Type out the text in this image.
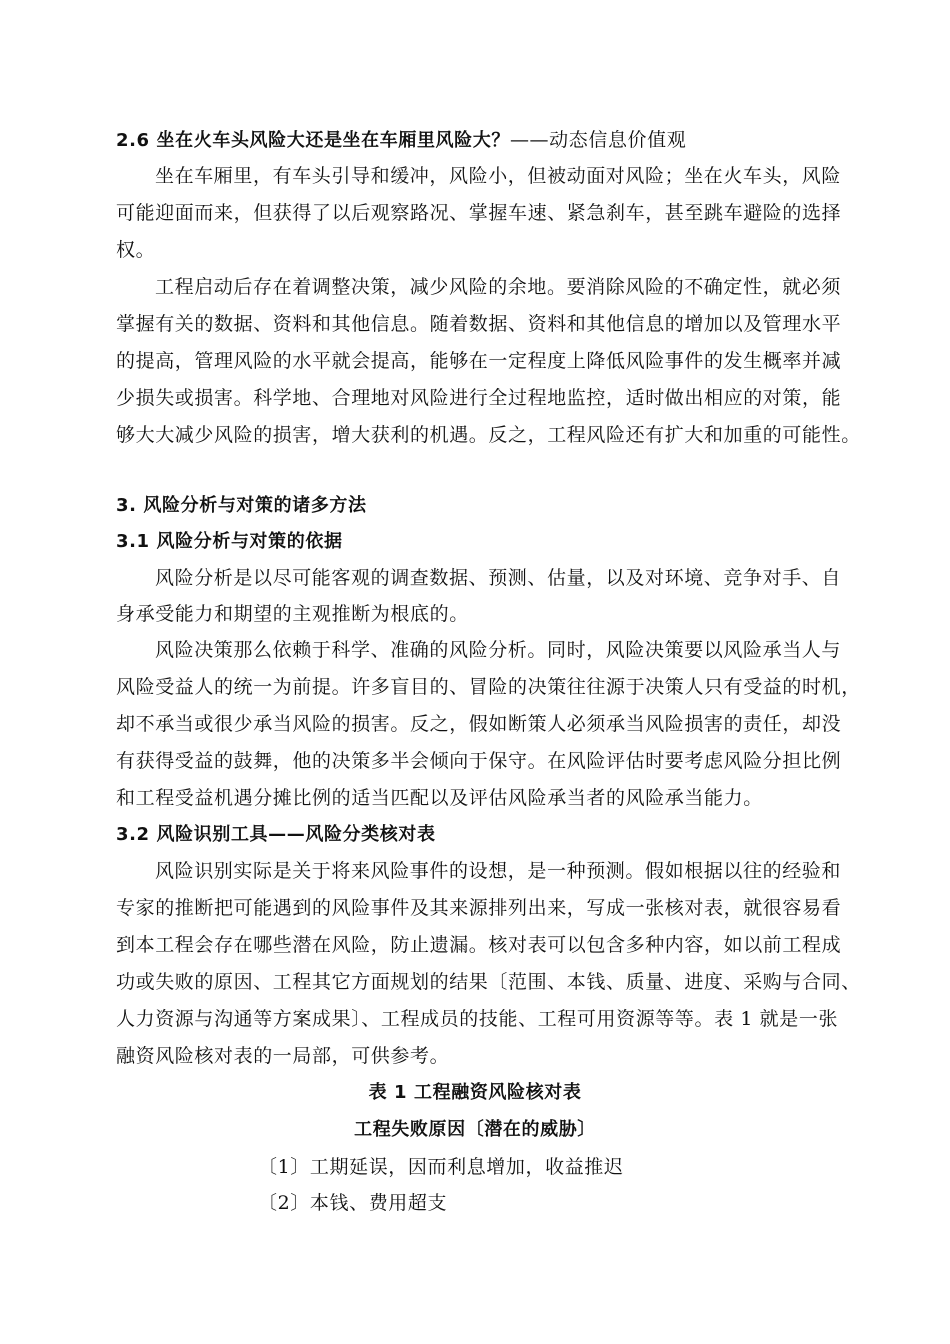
2.6 坐在火车头风险大还是坐在车厢里风险大？——动态信息价值观
坐在车厢里，有车头引导和缓冲，风险小，但被动面对风险；坐在火车头，风险
可能迎面而来，但获得了以后观察路况、掌握车速、紧急刹车，甚至跳车避险的选择
权。
工程启动后存在着调整决策，减少风险的余地。要消除风险的不确定性，就必须
掌握有关的数据、资料和其他信息。随着数据、资料和其他信息的增加以及管理水平
的提高，管理风险的水平就会提高，能够在一定程度上降低风险事件的发生概率并减
少损失或损害。科学地、合理地对风险进行全过程地监控，适时做出相应的对策，能
够大大减少风险的损害，增大获利的机遇。反之，工程风险还有扩大和加重的可能性。
3. 风险分析与对策的诸多方法
3.1 风险分析与对策的依据
风险分析是以尽可能客观的调查数据、预测、估量，以及对环境、竞争对手、自
身承受能力和期望的主观推断为根底的。
风险决策那么依赖于科学、准确的风险分析。同时，风险决策要以风险承当人与
风险受益人的统一为前提。许多盲目的、冒险的决策往往源于决策人只有受益的时机，
却不承当或很少承当风险的损害。反之，假如断策人必须承当风险损害的责任，却没
有获得受益的鼓舞，他的决策多半会倾向于保守。在风险评估时要考虑风险分担比例
和工程受益机遇分摊比例的适当匹配以及评估风险承当者的风险承当能力。
3.2 风险识别工具——风险分类核对表
风险识别实际是关于将来风险事件的设想，是一种预测。假如根据以往的经验和
专家的推断把可能遇到的风险事件及其来源排列出来，写成一张核对表，就很容易看
到本工程会存在哪些潜在风险，防止遗漏。核对表可以包含多种内容，如以前工程成
功或失败的原因、工程其它方面规划的结果〔范围、本钱、质量、进度、采购与合同、
人力资源与沟通等方案成果〕、工程成员的技能、工程可用资源等等。表 1 就是一张
融资风险核对表的一局部，可供参考。
表 1 工程融资风险核对表
工程失败原因〔潜在的威胁〕
〔1〕工期延误，因而利息增加，收益推迟
〔2〕本钱、费用超支
